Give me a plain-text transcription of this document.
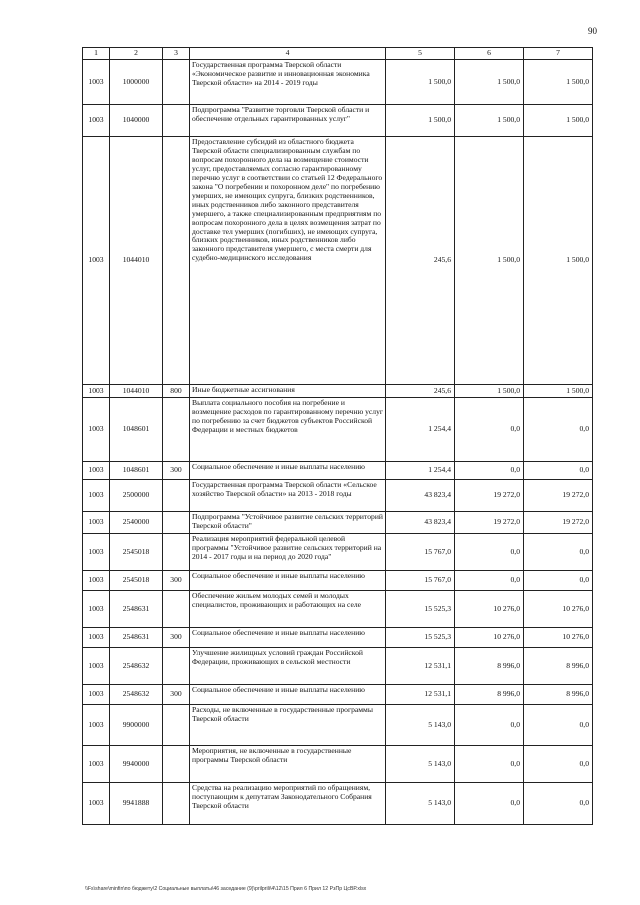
90
1	2	3	4	5	6	7
1003	1000000		Государственная программа Тверской области «Экономическое развитие и инновационная экономика Тверской области» на 2014 - 2019 годы	1 500,0	1 500,0	1 500,0
1003	1040000		Подпрограмма "Развитие торговли Тверской области и обеспечение отдельных гарантированных услуг"	1 500,0	1 500,0	1 500,0
1003	1044010		Предоставление субсидий из областного бюджета Тверской области специализированным службам по вопросам похоронного дела на возмещение стоимости услуг, предоставляемых согласно гарантированному перечню услуг в соответствии со статьей 12 Федерального закона "О погребении и похоронном деле" по погребению умерших, не имеющих супруга, близких родственников, иных родственников либо законного представителя умершего, а также специализированным предприятиям по вопросам похоронного дела в целях возмещения затрат по доставке тел умерших (погибших), не имеющих супруга, близких родственников, иных родственников либо законного представителя умершего, с места смерти для судебно-медицинского исследования	245,6	1 500,0	1 500,0
1003	1044010	800	Иные бюджетные ассигнования	245,6	1 500,0	1 500,0
1003	1048601		Выплата социального пособия на погребение и возмещение расходов по гарантированному перечню услуг по погребению за счет бюджетов субъектов Российской Федерации и местных бюджетов	1 254,4	0,0	0,0
1003	1048601	300	Социальное обеспечение и иные выплаты населению	1 254,4	0,0	0,0
1003	2500000		Государственная программа Тверской области «Сельское хозяйство Тверской области» на 2013 - 2018 годы	43 823,4	19 272,0	19 272,0
1003	2540000		Подпрограмма "Устойчивое развитие сельских территорий Тверской области"	43 823,4	19 272,0	19 272,0
1003	2545018		Реализация мероприятий федеральной целевой программы "Устойчивое развитие сельских территорий на 2014 - 2017 годы и на период до 2020 года"	15 767,0	0,0	0,0
1003	2545018	300	Социальное обеспечение и иные выплаты населению	15 767,0	0,0	0,0
1003	2548631		Обеспечение жильем молодых семей и молодых специалистов, проживающих и работающих на селе	15 525,3	10 276,0	10 276,0
1003	2548631	300	Социальное обеспечение и иные выплаты населению	15 525,3	10 276,0	10 276,0
1003	2548632		Улучшение жилищных условий граждан Российской Федерации, проживающих в сельской местности	12 531,1	8 996,0	8 996,0
1003	2548632	300	Социальное обеспечение и иные выплаты населению	12 531,1	8 996,0	8 996,0
1003	9900000		Расходы, не включенные в государственные программы Тверской области	5 143,0	0,0	0,0
1003	9940000		Мероприятия, не включенные в государственные программы Тверской области	5 143,0	0,0	0,0
1003	9941888		Средства на реализацию мероприятий по обращениям, поступающим к депутатам Законодательного Собрания Тверской области	5 143,0	0,0	0,0
\\Fs\share\minfin\по бюджету\2 Социальные выплаты\46 заседание (9)\prilprili\4\12\15 Прил 6 Прил 12 РзПр ЦсВР.xlsx
